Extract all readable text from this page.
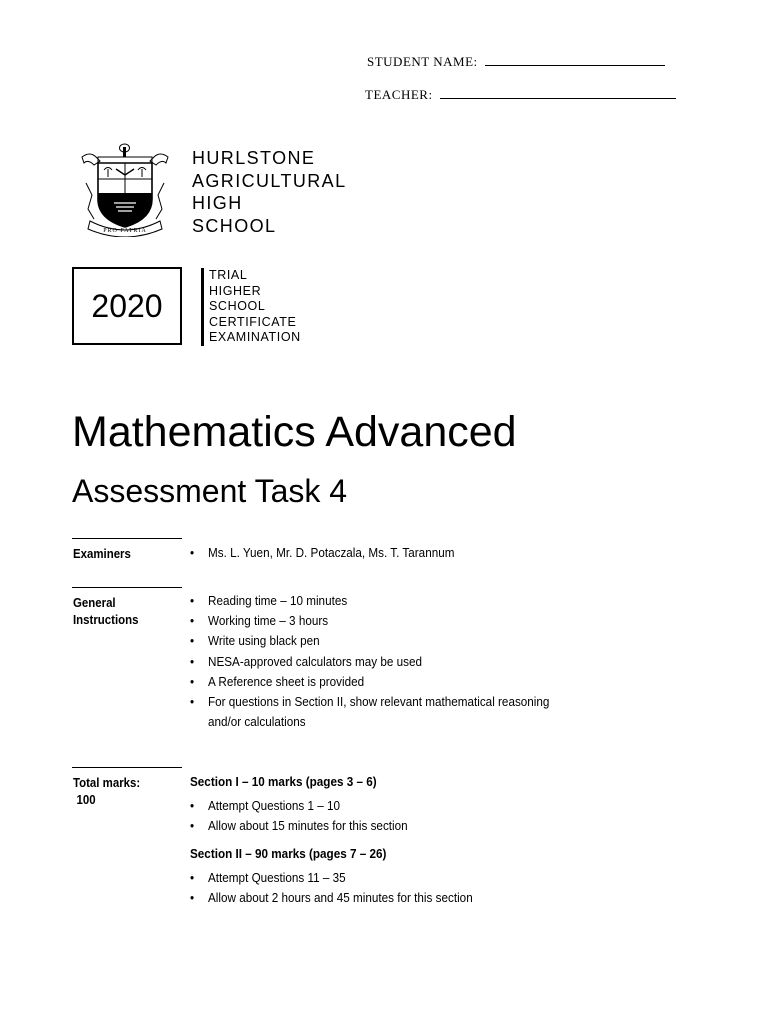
STUDENT NAME:
TEACHER:
PRO PATRIA
HURLSTONE
AGRICULTURAL
HIGH
SCHOOL
2020
TRIAL
HIGHER
SCHOOL
CERTIFICATE
EXAMINATION
Mathematics Advanced
Assessment Task 4
Examiners	• Ms. L. Yuen, Mr. D. Potaczala, Ms. T. Tarannum
General
Instructions
• Reading time – 10 minutes
• Working time – 3 hours
• Write using black pen
• NESA-approved calculators may be used
• A Reference sheet is provided
• For questions in Section II, show relevant mathematical reasoning
and/or calculations
Total marks:
100
Section I – 10 marks (pages 3 – 6)
• Attempt Questions 1 – 10
• Allow about 15 minutes for this section
Section II – 90 marks (pages 7 – 26)
• Attempt Questions 11 – 35
• Allow about 2 hours and 45 minutes for this section
